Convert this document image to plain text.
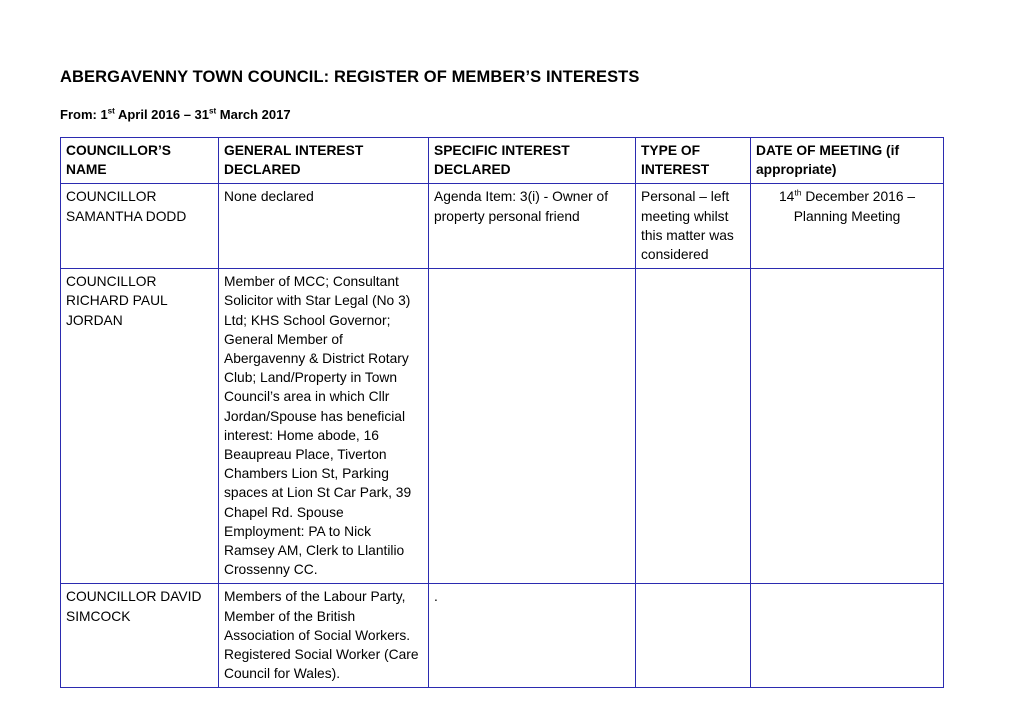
ABERGAVENNY TOWN COUNCIL: REGISTER OF MEMBER’S INTERESTS
From: 1st April 2016 – 31st March 2017
COUNCILLOR’S NAME	GENERAL INTEREST DECLARED	SPECIFIC INTEREST DECLARED	TYPE OF INTEREST	DATE OF MEETING (if appropriate)
COUNCILLOR SAMANTHA DODD	None declared	Agenda Item: 3(i) - Owner of property personal friend	Personal – left meeting whilst this matter was considered	14th December 2016 – Planning Meeting
COUNCILLOR RICHARD PAUL JORDAN	Member of MCC; Consultant Solicitor with Star Legal (No 3) Ltd; KHS School Governor; General Member of Abergavenny & District Rotary Club; Land/Property in Town Council’s area in which Cllr Jordan/Spouse has beneficial interest: Home abode, 16 Beaupreau Place, Tiverton Chambers Lion St, Parking spaces at Lion St Car Park, 39 Chapel Rd. Spouse Employment: PA to Nick Ramsey AM, Clerk to Llantilio Crossenny CC.			
COUNCILLOR DAVID SIMCOCK	Members of the Labour Party, Member of the British Association of Social Workers. Registered Social Worker (Care Council for Wales).	.		
